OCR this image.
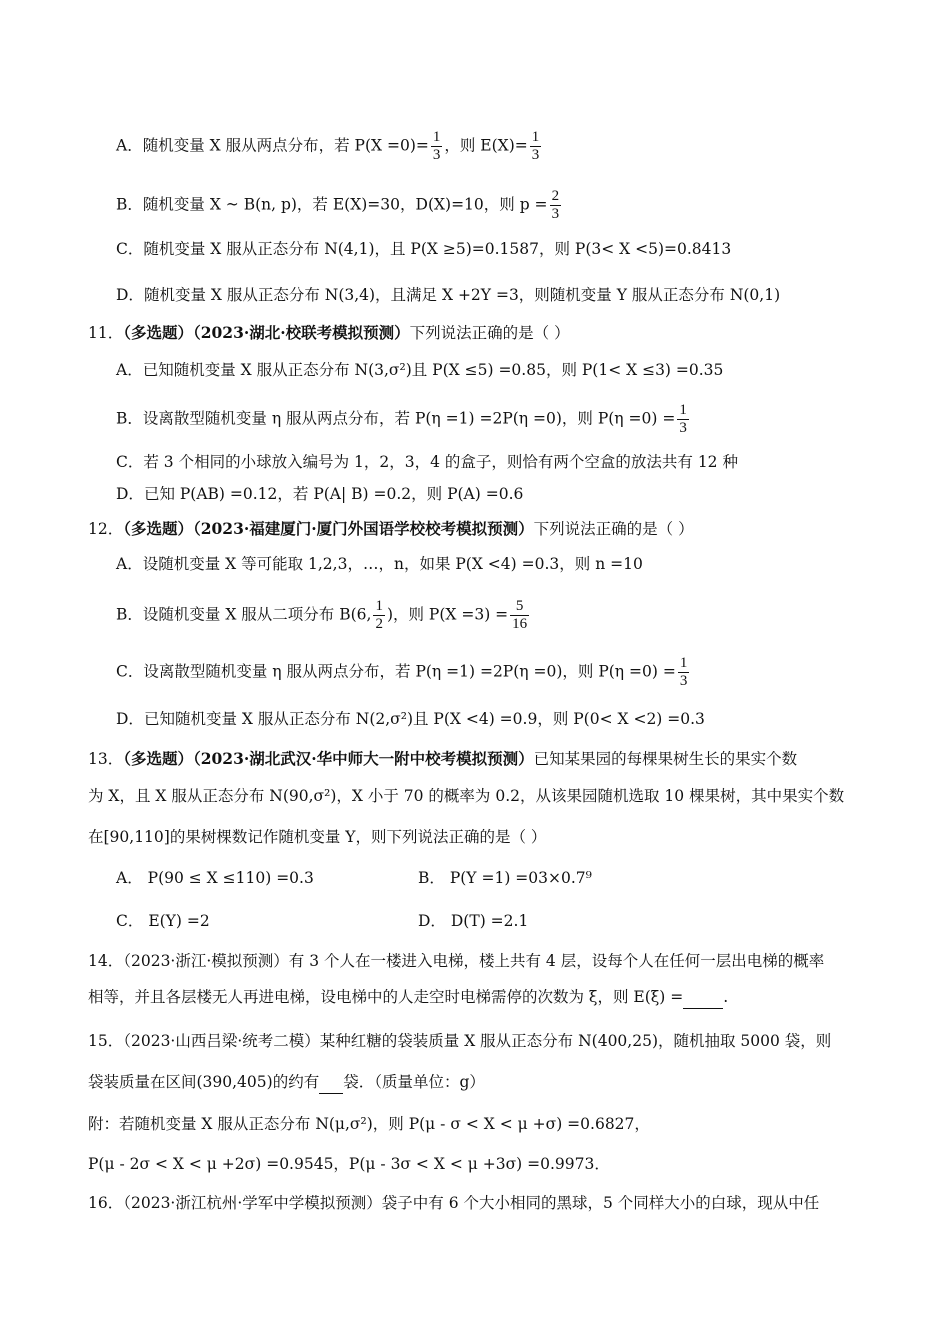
A．随机变量 X 服从两点分布，若 $P(X =0)= \frac{1}{3}$ ，则 $E(X)= \frac{1}{3}$
B．随机变量 X ~ B(n, p)，若 E(X)=30，D(X)=10，则 $p = \frac{2}{3}$
C．随机变量 X 服从正态分布 N(4,1)，且 P(X ≥5)=0.1587，则 P(3< X <5)=0.8413
D．随机变量 X 服从正态分布 N(3,4)，且满足 X +2Y =3，则随机变量 Y 服从正态分布 N(0,1)
11．（多选题）（2023·湖北·校联考模拟预测）下列说法正确的是（ ）
A．已知随机变量 X 服从正态分布 N(3,σ²)且 P(X ≤5) =0.85，则 P(1< X ≤3) =0.35
B．设离散型随机变量 η 服从两点分布，若 P(η =1) =2P(η =0)，则 $P(\eta =0) = \frac{1}{3}$
C．若 3 个相同的小球放入编号为 1，2，3，4 的盒子，则恰有两个空盒的放法共有 12 种
D．已知 P(AB) =0.12，若 P(A| B) =0.2，则 P(A) =0.6
12．（多选题）（2023·福建厦门·厦门外国语学校校考模拟预测）下列说法正确的是（ ）
A．设随机变量 X 等可能取 1,2,3，…，n，如果 P(X <4) =0.3，则 n =10
B．设随机变量 X 服从二项分布 B(6, $\frac{1}{2}$ )，则 $P(X =3) = \frac{5}{16}$
C．设离散型随机变量 η 服从两点分布，若 P(η =1) =2P(η =0)，则 $P(\eta =0) = \frac{1}{3}$
D．已知随机变量 X 服从正态分布 N(2,σ²)且 P(X <4) =0.9，则 P(0< X <2) =0.3
13．（多选题）（2023·湖北武汉·华中师大一附中校考模拟预测）已知某果园的每棵果树生长的果实个数
为 X，且 X 服从正态分布 N(90,σ²)，X 小于 70 的概率为 0.2，从该果园随机选取 10 棵果树，其中果实个数
在[90,110]的果树棵数记作随机变量 Y，则下列说法正确的是（ ）
A． P(90 ≤ X ≤110) =0.3	B． P(Y =1) =03×0.7⁹
C． E(Y) =2	D． D(T) =2.1
14．（2023·浙江·模拟预测）有 3 个人在一楼进入电梯，楼上共有 4 层，设每个人在任何一层出电梯的概率
相等，并且各层楼无人再进电梯，设电梯中的人走空时电梯需停的次数为 ξ，则 E(ξ) =	.
15．（2023·山西吕梁·统考二模）某种红糖的袋装质量 X 服从正态分布 N(400,25)，随机抽取 5000 袋，则
袋装质量在区间(390,405)的约有 袋．（质量单位：g）
附：若随机变量 X 服从正态分布 N(μ,σ²)，则 P(μ - σ < X < μ +σ) =0.6827，
P(μ - 2σ < X < μ +2σ) =0.9545，P(μ - 3σ < X < μ +3σ) =0.9973．
16．（2023·浙江杭州·学军中学模拟预测）袋子中有 6 个大小相同的黑球，5 个同样大小的白球，现从中任
